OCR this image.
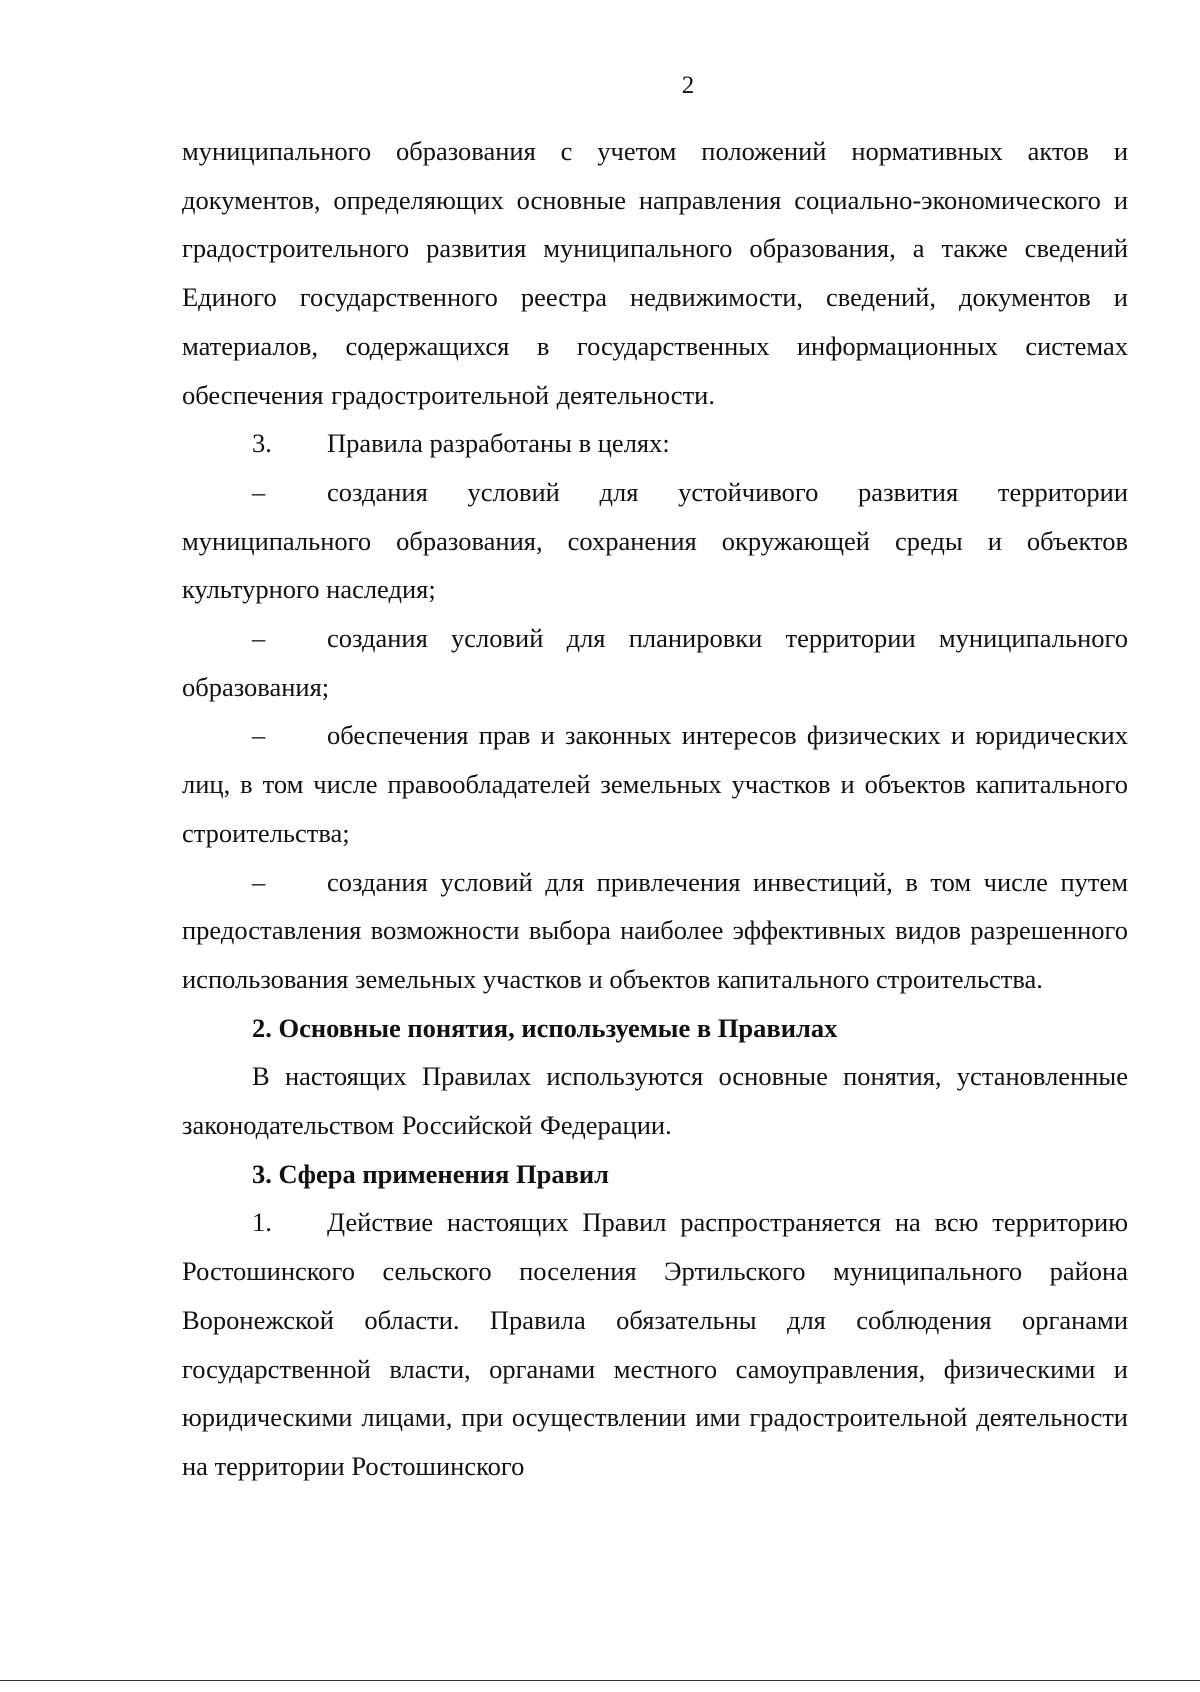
2

муниципального образования с учетом положений нормативных актов и документов, определяющих основные направления социально-экономического и градостроительного развития муниципального образования, а также сведений Единого государственного реестра недвижимости, сведений, документов и материалов, содержащихся в государственных информационных системах обеспечения градостроительной деятельности.

3. Правила разработаны в целях:

– создания условий для устойчивого развития территории муниципального образования, сохранения окружающей среды и объектов культурного наследия;

– создания условий для планировки территории муниципального образования;

– обеспечения прав и законных интересов физических и юридических лиц, в том числе правообладателей земельных участков и объектов капитального строительства;

– создания условий для привлечения инвестиций, в том числе путем предоставления возможности выбора наиболее эффективных видов разрешенного использования земельных участков и объектов капитального строительства.

2. Основные понятия, используемые в Правилах

В настоящих Правилах используются основные понятия, установленные законодательством Российской Федерации.

3. Сфера применения Правил

1. Действие настоящих Правил распространяется на всю территорию Ростошинского сельского поселения Эртильского муниципального района Воронежской области. Правила обязательны для соблюдения органами государственной власти, органами местного самоуправления, физическими и юридическими лицами, при осуществлении ими градостроительной деятельности на территории Ростошинского
